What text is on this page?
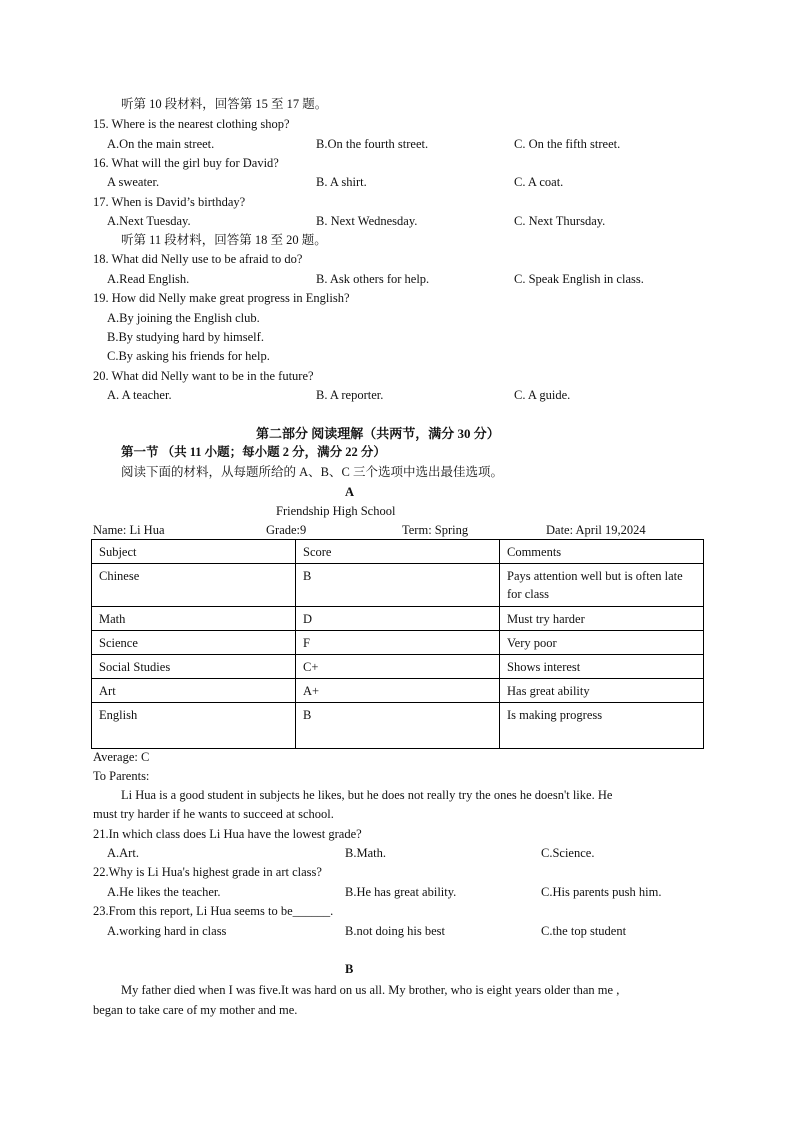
听第 10 段材料，回答第 15 至 17 题。
15. Where is the nearest clothing shop?
A.On the main street.	B.On the fourth street.	C. On the fifth street.
16. What will the girl buy for David?
A sweater.	B. A shirt.	C. A coat.
17. When is David’s birthday?
A.Next Tuesday.	B. Next Wednesday.	C. Next Thursday.
听第 11 段材料，回答第 18 至 20 题。
18. What did Nelly use to be afraid to do?
A.Read English.	B. Ask others for help.	C. Speak English in class.
19. How did Nelly make great progress in English?
A.By joining the English club.
B.By studying hard by himself.
C.By asking his friends for help.
20. What did Nelly want to be in the future?
A. A teacher.	B. A reporter.	C. A guide.
第二部分 阅读理解（共两节，满分 30 分）
第一节 （共 11 小题；每小题 2 分，满分 22 分）
阅读下面的材料，从每题所给的 A、B、C 三个选项中选出最佳选项。
A
Friendship High School
Name: Li Hua	Grade:9	Term: Spring	Date: April 19,2024
Subject	Score	Comments
Chinese	B	Pays attention well but is often late for class
Math	D	Must try harder
Science	F	Very poor
Social Studies	C+	Shows interest
Art	A+	Has great ability
English	B	Is making progress
Average: C
To Parents:
Li Hua is a good student in subjects he likes, but he does not really try the ones he doesn't like. He
must try harder if he wants to succeed at school.
21.In which class does Li Hua have the lowest grade?
A.Art.	B.Math.	C.Science.
22.Why is Li Hua's highest grade in art class?
A.He likes the teacher.	B.He has great ability.	C.His parents push him.
23.From this report, Li Hua seems to be______.
A.working hard in class	B.not doing his best	C.the top student
B
My father died when I was five.It was hard on us all. My brother, who is eight years older than me ,
began to take care of my mother and me.
